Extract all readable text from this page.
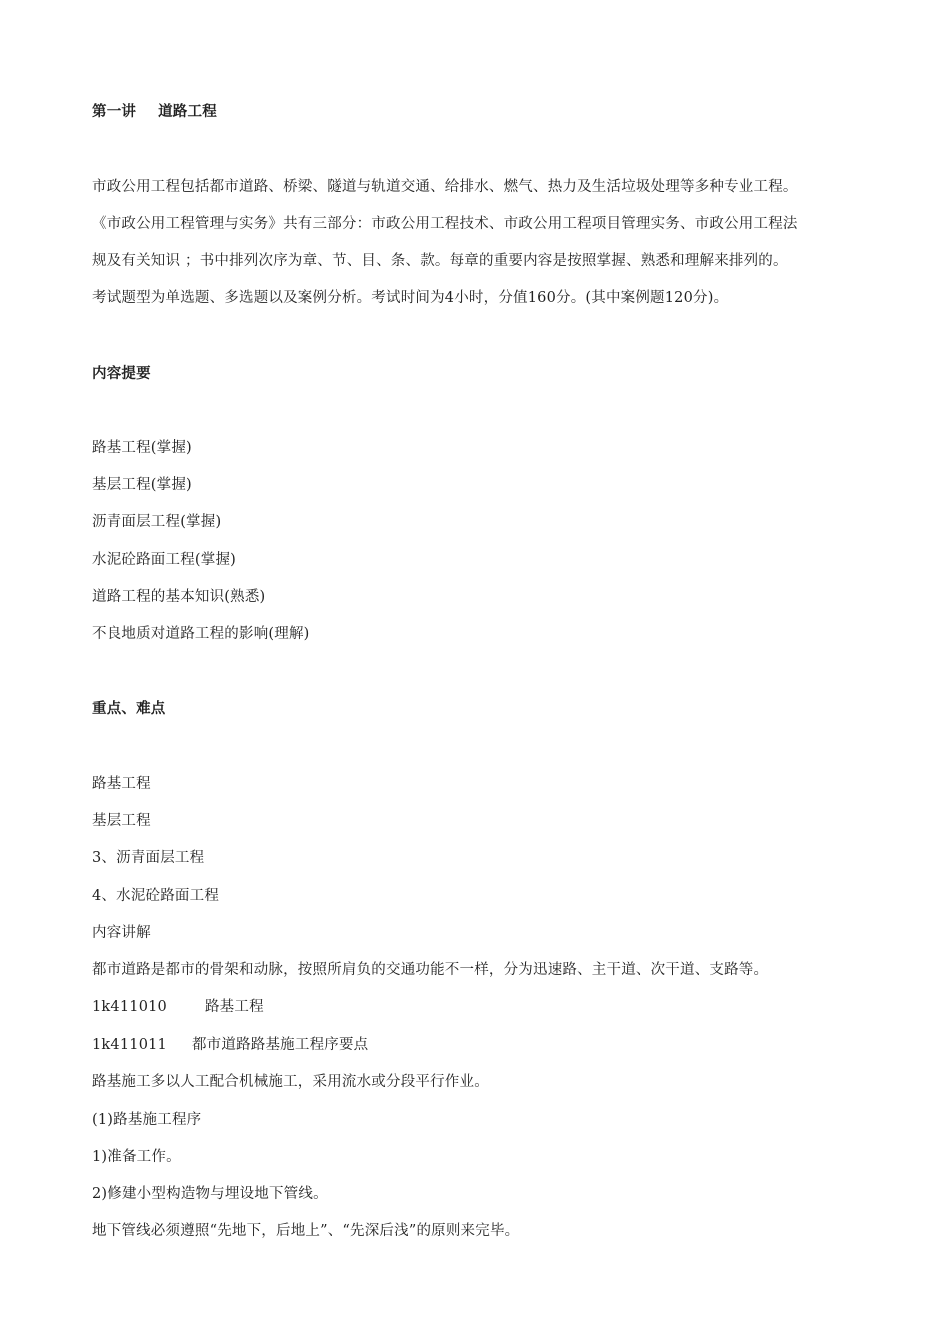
第一讲 道路工程
市政公用工程包括都市道路、桥梁、隧道与轨道交通、给排水、燃气、热力及生活垃圾处理等多种专业工程。
《市政公用工程管理与实务》共有三部分：市政公用工程技术、市政公用工程项目管理实务、市政公用工程法
规及有关知识 ；书中排列次序为章、节、目、条、款。每章的重要内容是按照掌握、熟悉和理解来排列的。
考试题型为单选题、多选题以及案例分析。考试时间为4小时，分值160分。(其中案例题120分)。
内容提要
路基工程(掌握)
基层工程(掌握)
沥青面层工程(掌握)
水泥砼路面工程(掌握)
道路工程的基本知识(熟悉)
不良地质对道路工程的影响(理解)
重点、难点
路基工程
基层工程
3、沥青面层工程
4、水泥砼路面工程
内容讲解
都市道路是都市的骨架和动脉，按照所肩负的交通功能不一样，分为迅速路、主干道、次干道、支路等。
1k411010	路基工程
1k411011 都市道路路基施工程序要点
路基施工多以人工配合机械施工，采用流水或分段平行作业。
(1)路基施工程序
1)准备工作。
2)修建小型构造物与埋设地下管线。
地下管线必须遵照“先地下，后地上”、“先深后浅”的原则来完毕。
